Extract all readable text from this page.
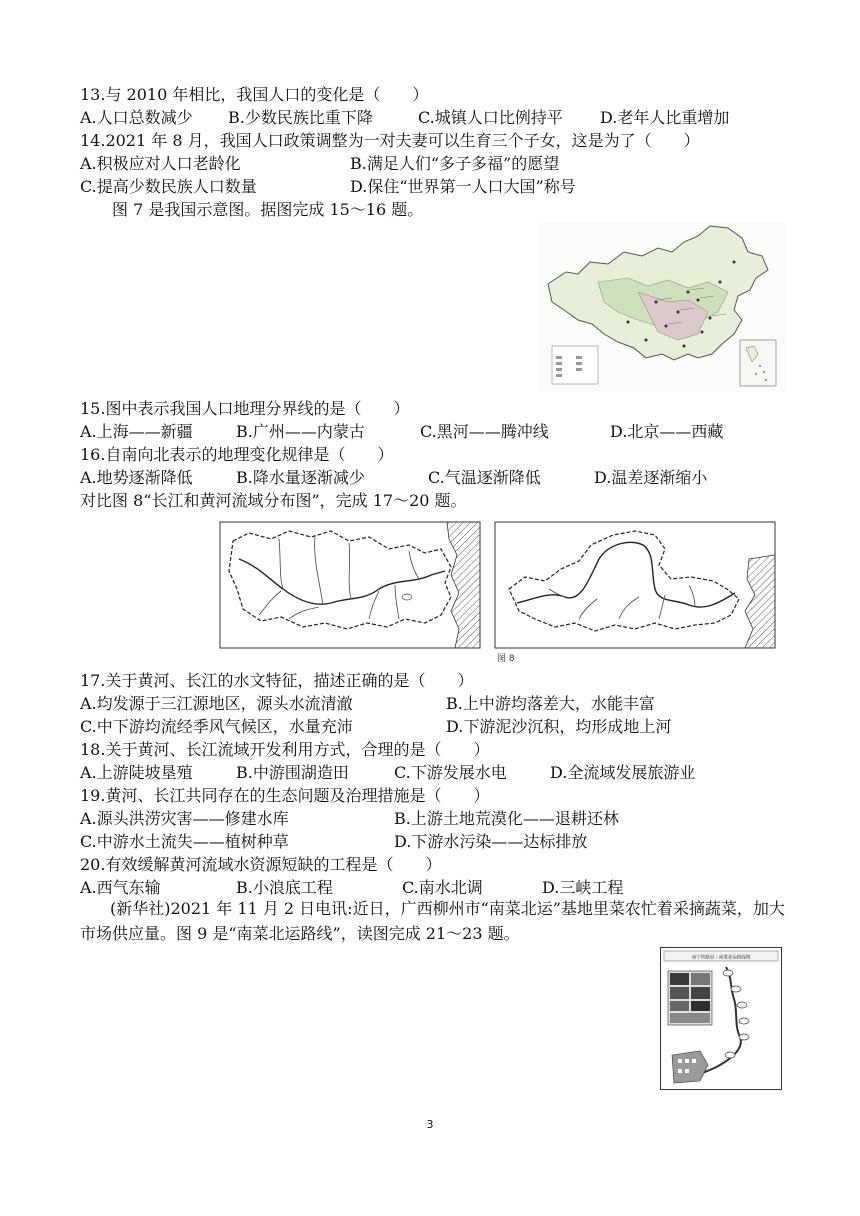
13.与 2010 年相比，我国人口的变化是（　　）
A.人口总数减少 B.少数民族比重下降	C.城镇人口比例持平 D.老年人比重增加
14.2021 年 8 月，我国人口政策调整为一对夫妻可以生育三个子女，这是为了（　　）
A.积极应对人口老龄化	B.满足人们“多子多福”的愿望
C.提高少数民族人口数量	D.保住“世界第一人口大国”称号
图 7 是我国示意图。据图完成 15～16 题。
15.图中表示我国人口地理分界线的是（　　）
A.上海——新疆	B.广州——内蒙古	C.黑河——腾冲线	D.北京——西藏
16.自南向北表示的地理变化规律是（　　）
A.地势逐渐降低	B.降水量逐渐减少	C.气温逐渐降低	D.温差逐渐缩小
对比图 8“长江和黄河流域分布图”，完成 17～20 题。
图 8
17.关于黄河、长江的水文特征，描述正确的是（　　）
A.均发源于三江源地区，源头水流清澈	B.上中游均落差大，水能丰富
C.中下游均流经季风气候区，水量充沛	D.下游泥沙沉积，均形成地上河
18.关于黄河、长江流域开发利用方式，合理的是（　　）
A.上游陡坡垦殖	B.中游围湖造田	C.下游发展水电	D.全流域发展旅游业
19.黄河、长江共同存在的生态问题及治理措施是（　　）
A.源头洪涝灾害——修建水库	B.上游土地荒漠化——退耕还林
C.中游水土流失——植树种草	D.下游水污染——达标排放
20.有效缓解黄河流域水资源短缺的工程是（　　）
A.西气东输	B.小浪底工程	C.南水北调	D.三峡工程
(新华社)2021 年 11 月 2 日电讯:近日，广西柳州市“南菜北运”基地里菜农忙着采摘蔬菜，加大市场供应量。图 9 是“南菜北运路线”，读图完成 21～23 题。
南宁铁路局｜南菜北运路线图
3
